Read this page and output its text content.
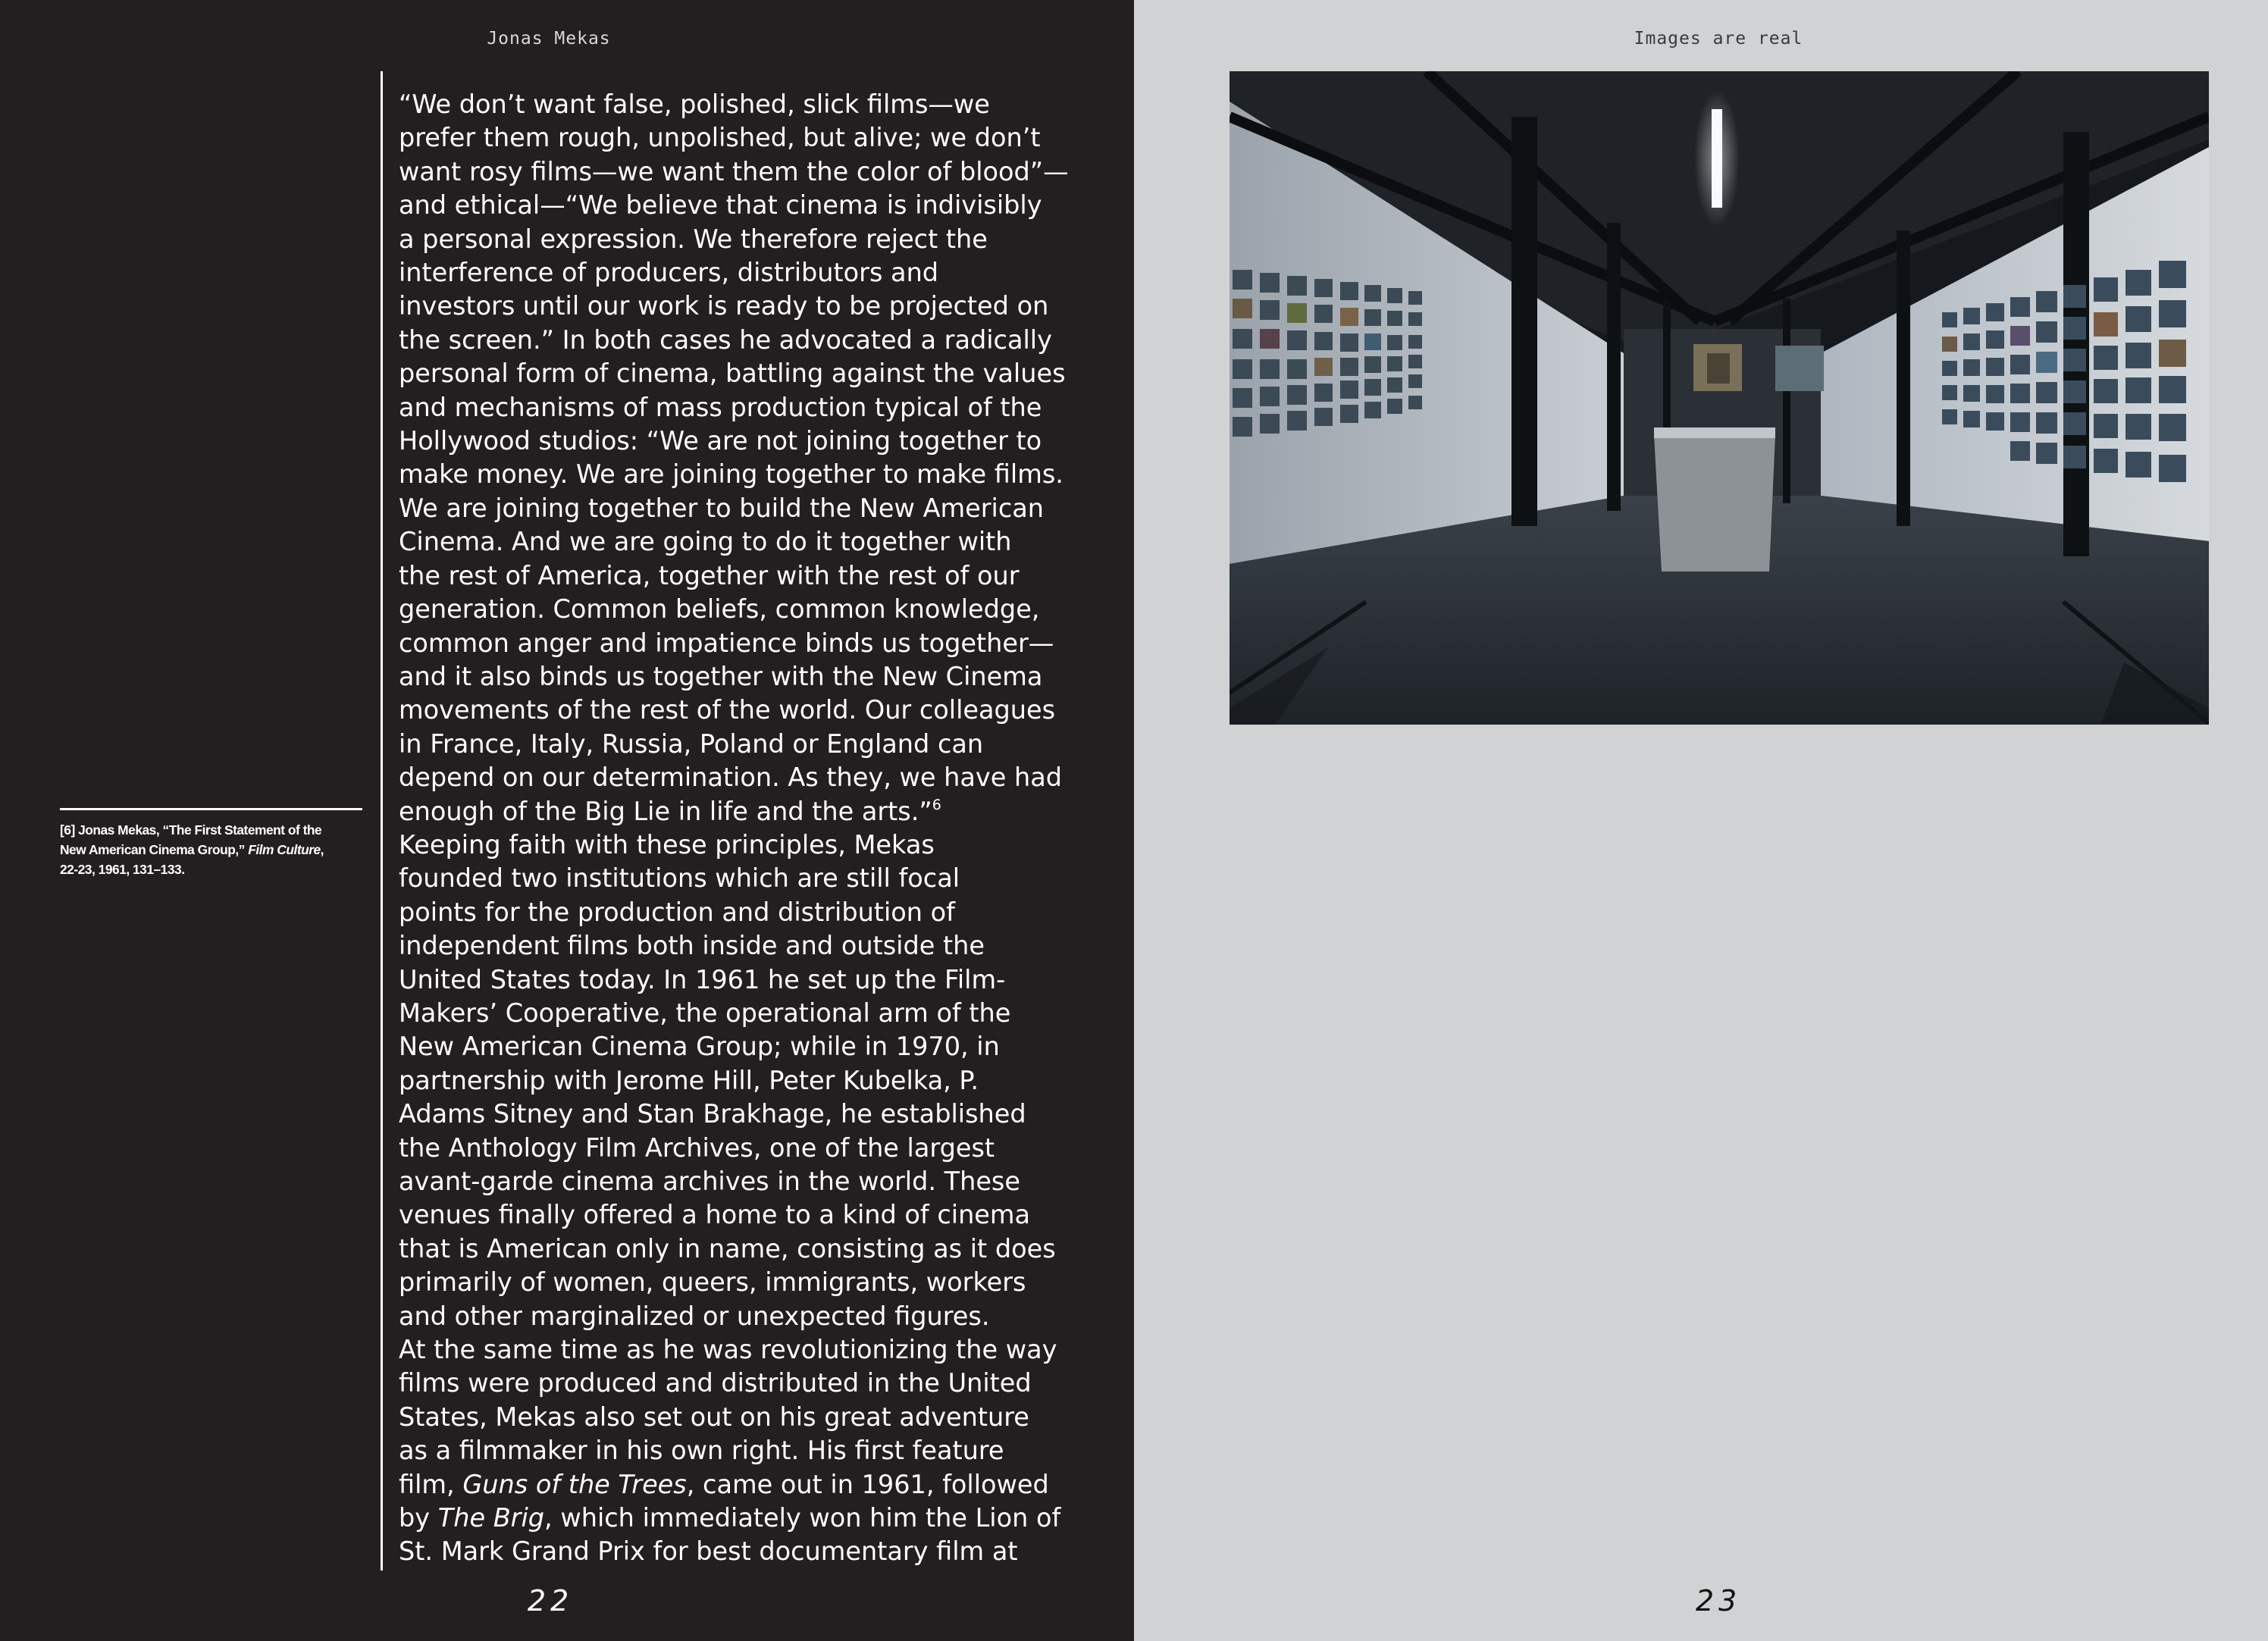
Jonas Mekas

“We don’t want false, polished, slick films—we
prefer them rough, unpolished, but alive; we don’t
want rosy films—we want them the color of blood”—
and ethical—“We believe that cinema is indivisibly
a personal expression. We therefore reject the
interference of producers, distributors and
investors until our work is ready to be projected on
the screen.” In both cases he advocated a radically
personal form of cinema, battling against the values
and mechanisms of mass production typical of the
Hollywood studios: “We are not joining together to
make money. We are joining together to make films.
We are joining together to build the New American
Cinema. And we are going to do it together with
the rest of America, together with the rest of our
generation. Common beliefs, common knowledge,
common anger and impatience binds us together—
and it also binds us together with the New Cinema
movements of the rest of the world. Our colleagues
in France, Italy, Russia, Poland or England can
depend on our determination. As they, we have had
enough of the Big Lie in life and the arts.”$^6$
Keeping faith with these principles, Mekas
founded two institutions which are still focal
points for the production and distribution of
independent films both inside and outside the
United States today. In 1961 he set up the Film-
Makers’ Cooperative, the operational arm of the
New American Cinema Group; while in 1970, in
partnership with Jerome Hill, Peter Kubelka, P.
Adams Sitney and Stan Brakhage, he established
the Anthology Film Archives, one of the largest
avant-garde cinema archives in the world. These
venues finally offered a home to a kind of cinema
that is American only in name, consisting as it does
primarily of women, queers, immigrants, workers
and other marginalized or unexpected figures.
At the same time as he was revolutionizing the way
films were produced and distributed in the United
States, Mekas also set out on his great adventure
as a filmmaker in his own right. His first feature
film, Guns of the Trees, came out in 1961, followed
by The Brig, which immediately won him the Lion of
St. Mark Grand Prix for best documentary film at
[6] Jonas Mekas, “The First Statement of the
New American Cinema Group,” Film Culture,
22-23, 1961, 131–133.

22

Images are real

23
